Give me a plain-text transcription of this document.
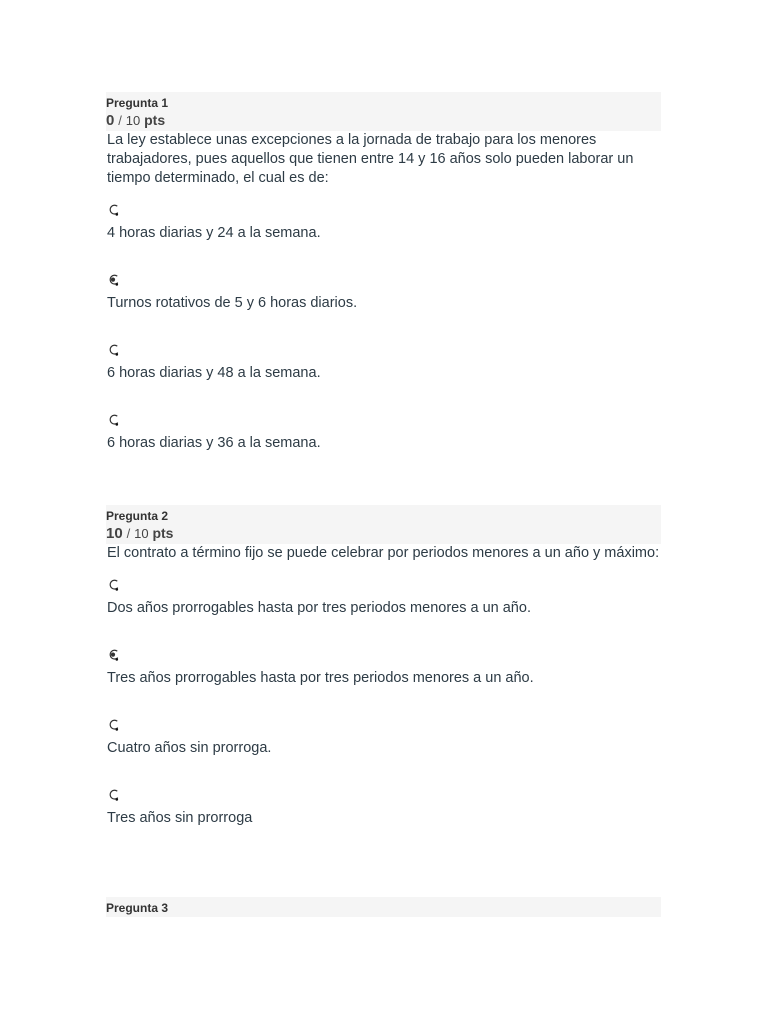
Pregunta 1
0 / 10 pts

La ley establece unas excepciones a la jornada de trabajo para los menores trabajadores, pues aquellos que tienen entre 14 y 16 años solo pueden laborar un tiempo determinado, el cual es de:

4 horas diarias y 24 a la semana.
Turnos rotativos de 5 y 6 horas diarios.
6 horas diarias y 48 a la semana.
6 horas diarias y 36 a la semana.
Pregunta 2
10 / 10 pts

El contrato a término fijo se puede celebrar por periodos menores a un año y máximo:

Dos años prorrogables hasta por tres periodos menores a un año.
Tres años prorrogables hasta por tres periodos menores a un año.
Cuatro años sin prorroga.
Tres años sin prorroga
Pregunta 3
